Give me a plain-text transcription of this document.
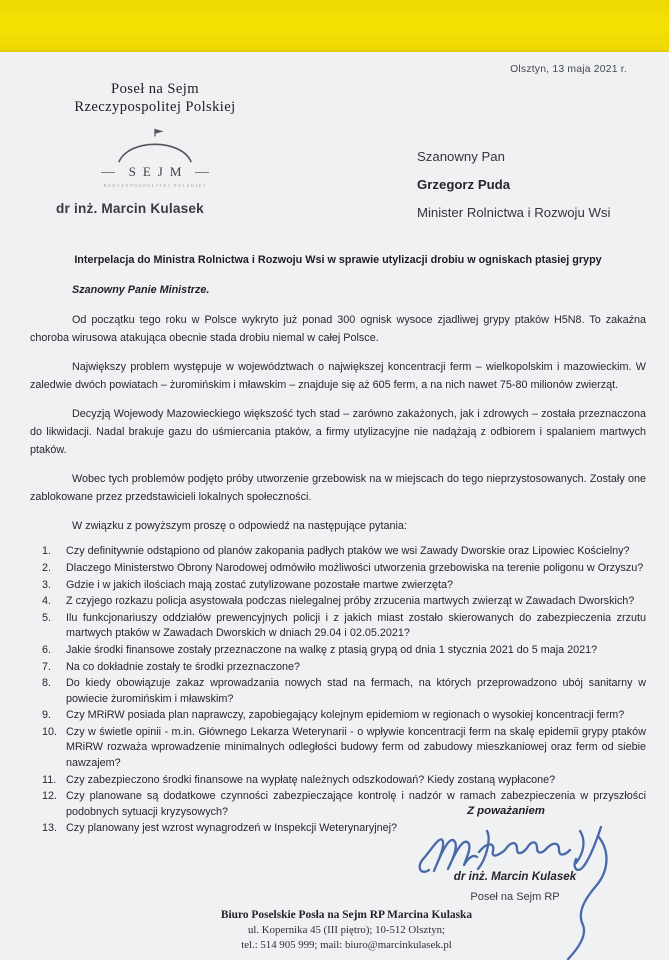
Olsztyn, 13 maja 2021 r.
Poseł na Sejm
Rzeczypospolitej Polskiej
SEJM
RZECZYPOSPOLITEJ POLSKIEJ
dr inż. Marcin Kulasek
Szanowny Pan
Grzegorz Puda
Minister Rolnictwa i Rozwoju Wsi

Interpelacja do Ministra Rolnictwa i Rozwoju Wsi w sprawie utylizacji drobiu w ogniskach ptasiej grypy

Szanowny Panie Ministrze.

Od początku tego roku w Polsce wykryto już ponad 300 ognisk wysoce zjadliwej grypy ptaków H5N8. To zakaźna choroba wirusowa atakująca obecnie stada drobiu niemal w całej Polsce.

Największy problem występuje w województwach o największej koncentracji ferm – wielkopolskim i mazowieckim. W zaledwie dwóch powiatach – żuromińskim i mławskim – znajduje się aż 605 ferm, a na nich nawet 75-80 milionów zwierząt.

Decyzją Wojewody Mazowieckiego większość tych stad – zarówno zakażonych, jak i zdrowych – została przeznaczona do likwidacji. Nadal brakuje gazu do uśmiercania ptaków, a firmy utylizacyjne nie nadążają z odbiorem i spalaniem martwych ptaków.

Wobec tych problemów podjęto próby utworzenie grzebowisk na w miejscach do tego nieprzystosowanych. Zostały one zablokowane przez przedstawicieli lokalnych społeczności.

W związku z powyższym proszę o odpowiedź na następujące pytania:

1.	Czy definitywnie odstąpiono od planów zakopania padłych ptaków we wsi Zawady Dworskie oraz Lipowiec Kościelny?
2.	Dlaczego Ministerstwo Obrony Narodowej odmówiło możliwości utworzenia grzebowiska na terenie poligonu w Orzyszu?
3.	Gdzie i w jakich ilościach mają zostać zutylizowane pozostałe martwe zwierzęta?
4.	Z czyjego rozkazu policja asystowała podczas nielegalnej próby zrzucenia martwych zwierząt w Zawadach Dworskich?
5.	Ilu funkcjonariuszy oddziałów prewencyjnych policji i z jakich miast zostało skierowanych do zabezpieczenia zrzutu martwych ptaków w Zawadach Dworskich w dniach 29.04 i 02.05.2021?
6.	Jakie środki finansowe zostały przeznaczone na walkę z ptasią grypą od dnia 1 stycznia 2021 do 5 maja 2021?
7.	Na co dokładnie zostały te środki przeznaczone?
8.	Do kiedy obowiązuje zakaz wprowadzania nowych stad na fermach, na których przeprowadzono ubój sanitarny w powiecie żuromińskim i mławskim?
9.	Czy MRiRW posiada plan naprawczy, zapobiegający kolejnym epidemiom w regionach o wysokiej koncentracji ferm?
10. Czy w świetle opinii - m.in. Głównego Lekarza Weterynarii - o wpływie koncentracji ferm na skalę epidemii grypy ptaków MRiRW rozważa wprowadzenie minimalnych odległości budowy ferm od zabudowy mieszkaniowej oraz ferm od siebie nawzajem?
11. Czy zabezpieczono środki finansowe na wypłatę należnych odszkodowań? Kiedy zostaną wypłacone?
12. Czy planowane są dodatkowe czynności zabezpieczające kontrolę i nadzór w ramach zabezpieczenia w przyszłości podobnych sytuacji kryzysowych?
13. Czy planowany jest wzrost wynagrodzeń w Inspekcji Weterynaryjnej?
Z poważaniem
dr inż. Marcin Kulasek
Poseł na Sejm RP
Biuro Poselskie Posła na Sejm RP Marcina Kulaska
ul. Kopernika 45 (III piętro); 10-512 Olsztyn;
tel.: 514 905 999; mail: biuro@marcinkulasek.pl
